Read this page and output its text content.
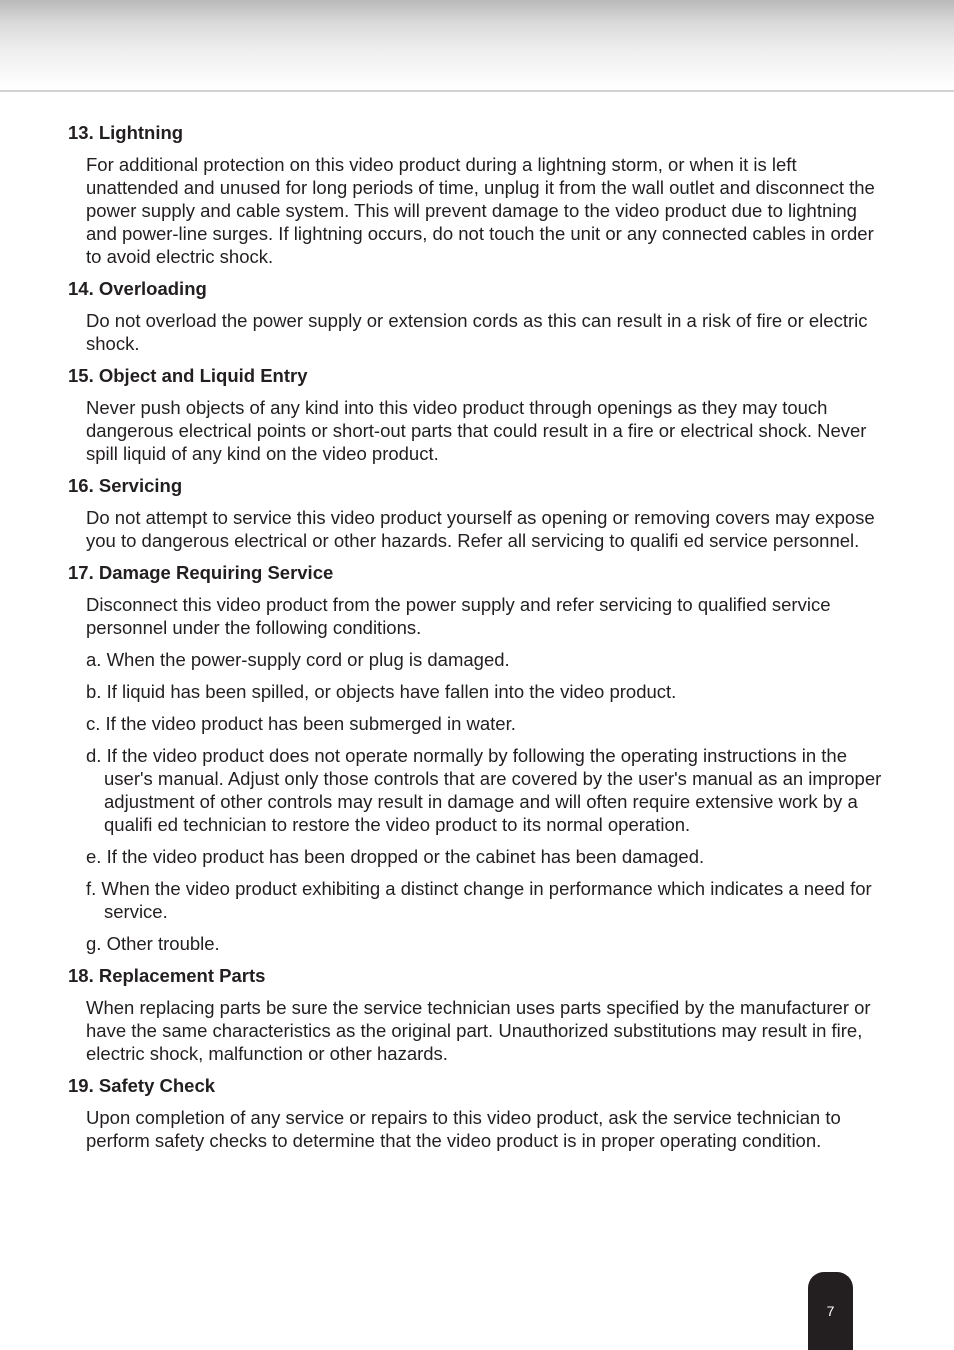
13. Lightning
For additional protection on this video product during a lightning storm, or when it is left unattended and unused for long periods of time, unplug it from the wall outlet and disconnect the power supply and cable system. This will prevent damage to the video product due to lightning and power-line surges. If lightning occurs, do not touch the unit or any connected cables in order to avoid electric shock.
14. Overloading
Do not overload the power supply or extension cords as this can result in a risk of fire or electric shock.
15. Object and Liquid Entry
Never push objects of any kind into this video product through openings as they may touch dangerous electrical points or short-out parts that could result in a fire or electrical shock. Never spill liquid of any kind on the video product.
16. Servicing
Do not attempt to service this video product yourself as opening or removing covers may expose you to dangerous electrical or other hazards. Refer all servicing to qualifi ed service personnel.
17. Damage Requiring Service
Disconnect this video product from the power supply and refer servicing to qualified service personnel under the following conditions.
a. When the power-supply cord or plug is damaged.
b. If liquid has been spilled, or objects have fallen into the video product.
c. If the video product has been submerged in water.
d. If the video product does not operate normally by following the operating instructions in the user's manual. Adjust only those controls that are covered by the user's manual as an improper adjustment of other controls may result in damage and will often require extensive work by a qualifi ed technician to restore the video product to its normal operation.
e. If the video product has been dropped or the cabinet has been damaged.
f. When the video product exhibiting a distinct change in performance which indicates a need for service.
g. Other trouble.
18. Replacement Parts
When replacing parts be sure the service technician uses parts specified by the manufacturer or have the same characteristics as the original part. Unauthorized substitutions may result in fire, electric shock, malfunction or other hazards.
19. Safety Check
Upon completion of any service or repairs to this video product, ask the service technician to perform safety checks to determine that the video product is in proper operating condition.
7
